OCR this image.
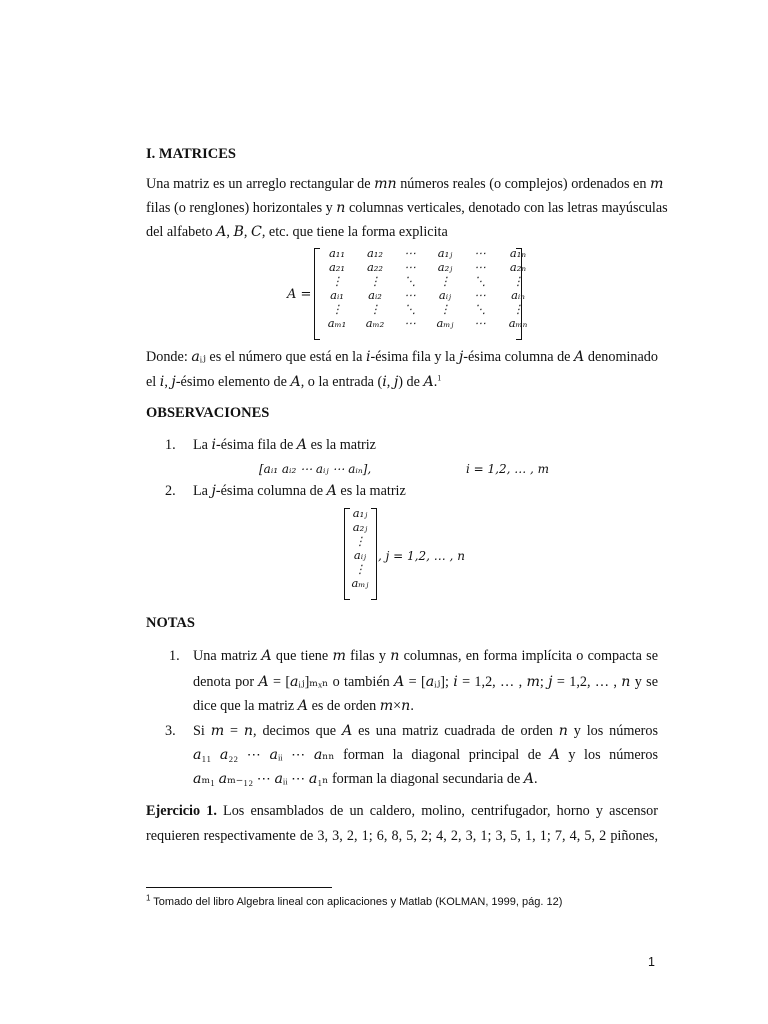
I. MATRICES
Una matriz es un arreglo rectangular de 𝑚𝑛 números reales (o complejos) ordenados en 𝑚
filas (o renglones) horizontales y 𝑛 columnas verticales, denotado con las letras mayúsculas
del alfabeto 𝐴, 𝐵, 𝐶, etc. que tiene la forma explicita
𝐴 =
𝑎₁₁	𝑎₁₂	⋯	𝑎₁ⱼ	⋯	𝑎₁ₙ
𝑎₂₁	𝑎₂₂	⋯	𝑎₂ⱼ	⋯	𝑎₂ₙ
⋮	⋮	⋱	⋮	⋱	⋮
𝑎ᵢ₁	𝑎ᵢ₂	⋯	𝑎ᵢⱼ	⋯	𝑎ᵢₙ
⋮	⋮	⋱	⋮	⋱	⋮
𝑎ₘ₁	𝑎ₘ₂	⋯	𝑎ₘⱼ	⋯	𝑎ₘₙ
Donde: 𝑎ᵢⱼ es el número que está en la 𝑖-ésima fila y la 𝑗-ésima columna de 𝐴 denominado
el 𝑖, 𝑗-ésimo elemento de 𝐴, o la entrada (𝑖, 𝑗) de 𝐴.$^1$
OBSERVACIONES
1. La 𝑖-ésima fila de 𝐴 es la matriz
[𝑎ᵢ₁ 𝑎ᵢ₂ ⋯ 𝑎ᵢⱼ ⋯ 𝑎ᵢₙ],	𝑖 = 1,2, … , 𝑚
2. La 𝑗-ésima columna de 𝐴 es la matriz
𝑎₁ⱼ
𝑎₂ⱼ
⋮
𝑎ᵢⱼ
⋮
𝑎ₘⱼ
, 𝑗 = 1,2, … , 𝑛
NOTAS
1. Una matriz 𝐴 que tiene 𝑚 filas y 𝑛 columnas, en forma implícita o compacta se
denota por 𝐴 = [𝑎ᵢⱼ]ₘₓₙ o también 𝐴 = [𝑎ᵢⱼ]; 𝑖 = 1,2, … , 𝑚; 𝑗 = 1,2, … , 𝑛 y se
dice que la matriz 𝐴 es de orden 𝑚×𝑛.
3. Si 𝑚 = 𝑛, decimos que 𝐴 es una matriz cuadrada de orden 𝑛 y los números
𝑎₁₁ 𝑎₂₂ ⋯ 𝑎ᵢᵢ ⋯ 𝑎ₙₙ forman la diagonal principal de 𝐴 y los números
𝑎ₘ₁ 𝑎ₘ₋₁₂ ⋯ 𝑎ᵢᵢ ⋯ 𝑎₁ₙ forman la diagonal secundaria de 𝐴.
Ejercicio 1. Los ensamblados de un caldero, molino, centrifugador, horno y ascensor
requieren respectivamente de 3, 3, 2, 1; 6, 8, 5, 2; 4, 2, 3, 1; 3, 5, 1, 1; 7, 4, 5, 2 piñones,
$^1$ Tomado del libro Algebra lineal con aplicaciones y Matlab (KOLMAN, 1999, pág. 12)
1
